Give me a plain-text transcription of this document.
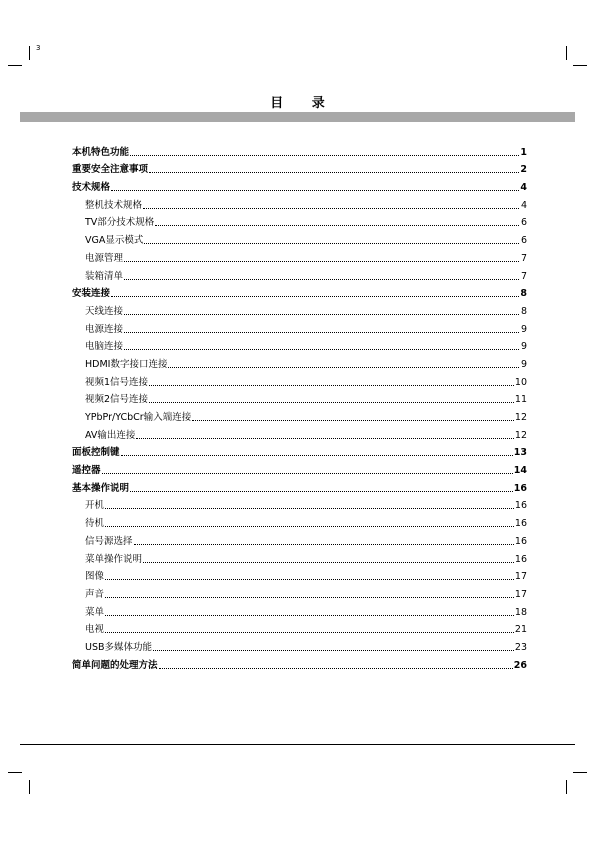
3
目 录
本机特色功能	1
重要安全注意事项	2
技术规格	4
整机技术规格	4
TV部分技术规格	6
VGA显示模式	6
电源管理	7
装箱清单	7
安装连接	8
天线连接	8
电源连接	9
电脑连接	9
HDMI数字接口连接	9
视频1信号连接	10
视频2信号连接	11
YPbPr/YCbCr输入端连接	12
AV输出连接	12
面板控制键	13
遥控器	14
基本操作说明	16
开机	16
待机	16
信号源选择	16
菜单操作说明	16
图像	17
声音	17
菜单	18
电视	21
USB多媒体功能	23
简单问题的处理方法	26
